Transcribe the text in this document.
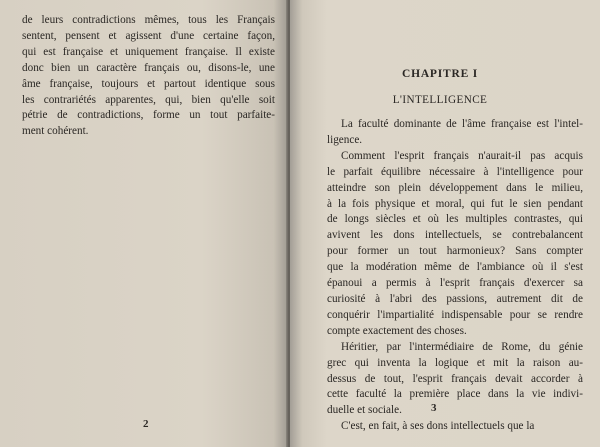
de leurs contradictions mêmes, tous les Français
sentent, pensent et agissent d'une certaine façon,
qui est française et uniquement française. Il existe
donc bien un caractère français ou, disons-le, une
âme française, toujours et partout identique sous
les contrariétés apparentes, qui, bien qu'elle soit
pétrie de contradictions, forme un tout parfaite-
ment cohérent.
2
CHAPITRE I
L'INTELLIGENCE
La faculté dominante de l'âme française est l'intel-
ligence.
Comment l'esprit français n'aurait-il pas acquis
le parfait équilibre nécessaire à l'intelligence pour
atteindre son plein développement dans le milieu,
à la fois physique et moral, qui fut le sien pendant
de longs siècles et où les multiples contrastes, qui
avivent les dons intellectuels, se contrebalancent
pour former un tout harmonieux? Sans compter
que la modération même de l'ambiance où il s'est
épanoui a permis à l'esprit français d'exercer sa
curiosité à l'abri des passions, autrement dit de
conquérir l'impartialité indispensable pour se rendre
compte exactement des choses.
Héritier, par l'intermédiaire de Rome, du génie
grec qui inventa la logique et mit la raison au-
dessus de tout, l'esprit français devait accorder à
cette faculté la première place dans la vie indivi-
duelle et sociale.
C'est, en fait, à ses dons intellectuels que la
3
